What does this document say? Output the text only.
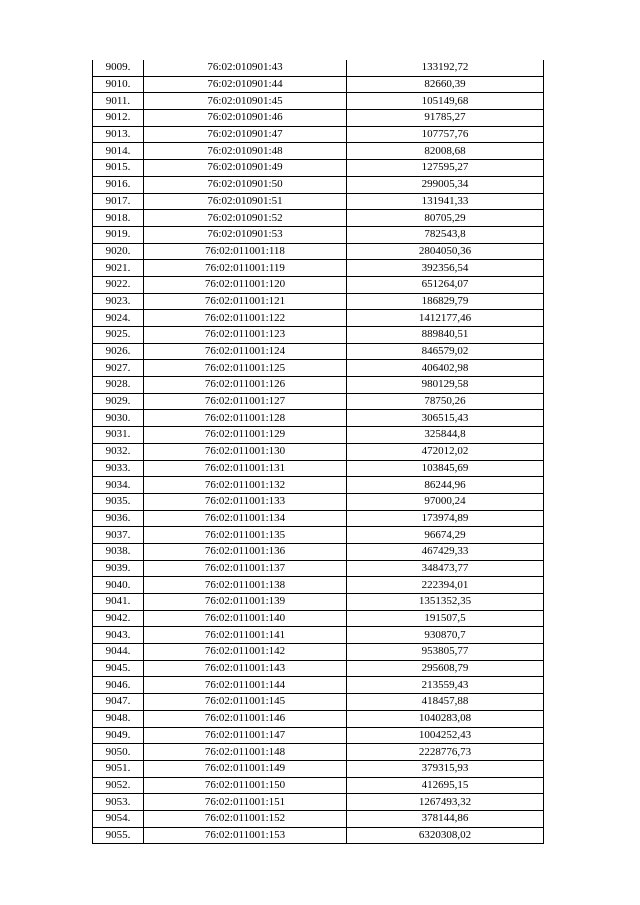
9009.	76:02:010901:43	133192,72
9010.	76:02:010901:44	82660,39
9011.	76:02:010901:45	105149,68
9012.	76:02:010901:46	91785,27
9013.	76:02:010901:47	107757,76
9014.	76:02:010901:48	82008,68
9015.	76:02:010901:49	127595,27
9016.	76:02:010901:50	299005,34
9017.	76:02:010901:51	131941,33
9018.	76:02:010901:52	80705,29
9019.	76:02:010901:53	782543,8
9020.	76:02:011001:118	2804050,36
9021.	76:02:011001:119	392356,54
9022.	76:02:011001:120	651264,07
9023.	76:02:011001:121	186829,79
9024.	76:02:011001:122	1412177,46
9025.	76:02:011001:123	889840,51
9026.	76:02:011001:124	846579,02
9027.	76:02:011001:125	406402,98
9028.	76:02:011001:126	980129,58
9029.	76:02:011001:127	78750,26
9030.	76:02:011001:128	306515,43
9031.	76:02:011001:129	325844,8
9032.	76:02:011001:130	472012,02
9033.	76:02:011001:131	103845,69
9034.	76:02:011001:132	86244,96
9035.	76:02:011001:133	97000,24
9036.	76:02:011001:134	173974,89
9037.	76:02:011001:135	96674,29
9038.	76:02:011001:136	467429,33
9039.	76:02:011001:137	348473,77
9040.	76:02:011001:138	222394,01
9041.	76:02:011001:139	1351352,35
9042.	76:02:011001:140	191507,5
9043.	76:02:011001:141	930870,7
9044.	76:02:011001:142	953805,77
9045.	76:02:011001:143	295608,79
9046.	76:02:011001:144	213559,43
9047.	76:02:011001:145	418457,88
9048.	76:02:011001:146	1040283,08
9049.	76:02:011001:147	1004252,43
9050.	76:02:011001:148	2228776,73
9051.	76:02:011001:149	379315,93
9052.	76:02:011001:150	412695,15
9053.	76:02:011001:151	1267493,32
9054.	76:02:011001:152	378144,86
9055.	76:02:011001:153	6320308,02
